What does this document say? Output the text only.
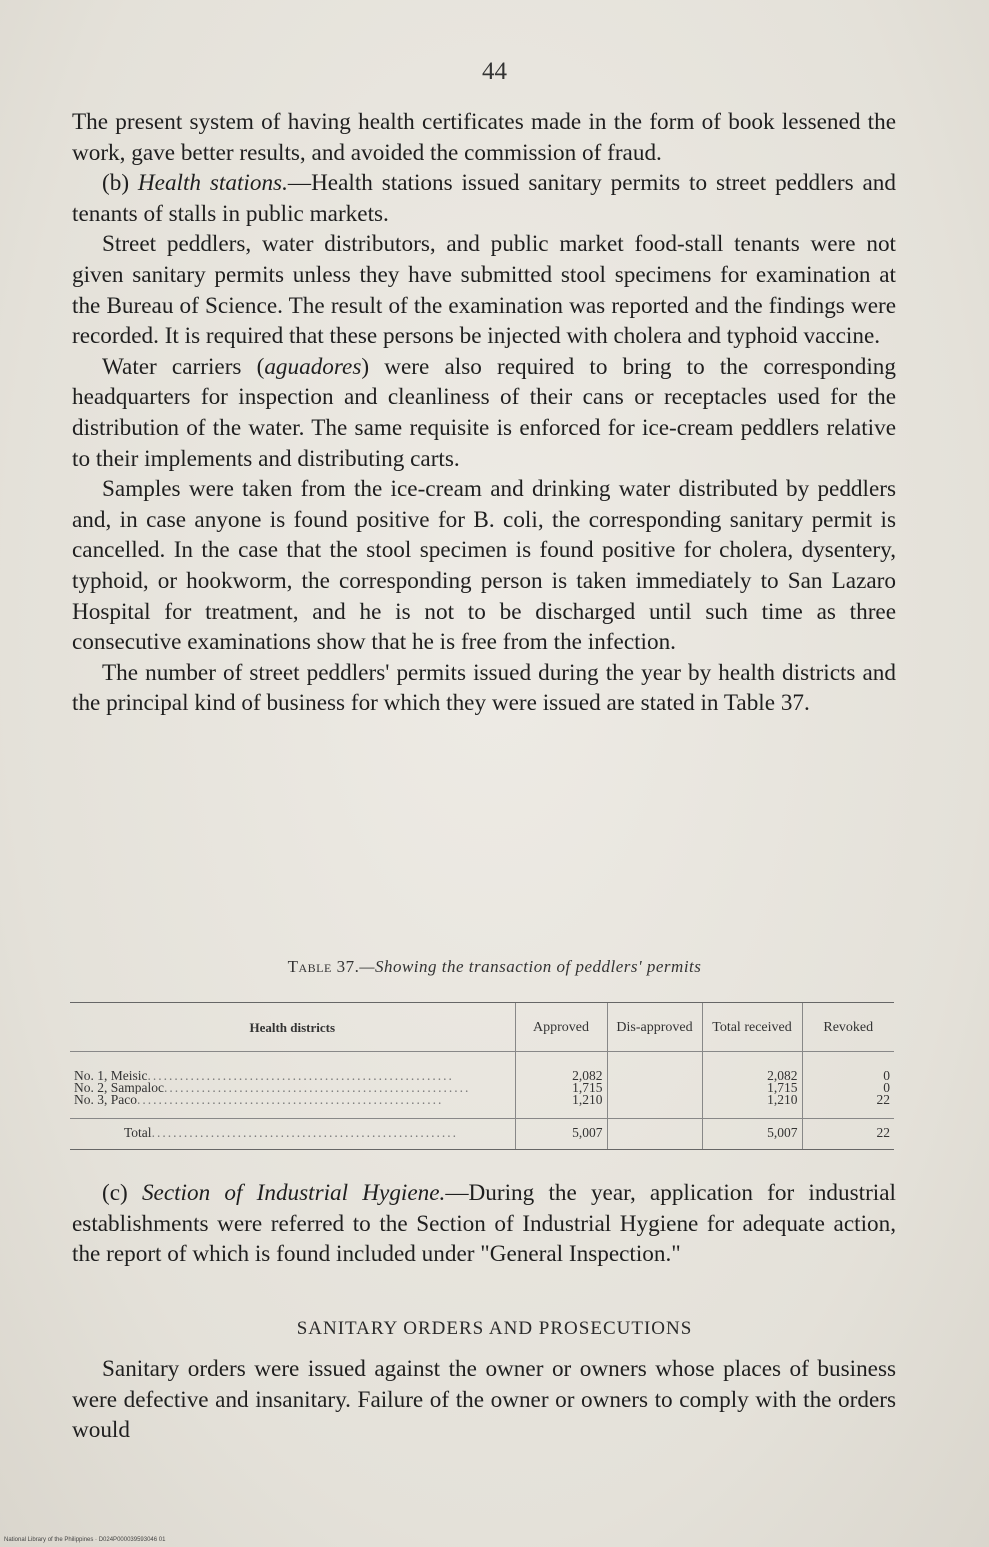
44

The present system of having health certificates made in the form of book lessened the work, gave better results, and avoided the commission of fraud.

(b) Health stations.—Health stations issued sanitary permits to street peddlers and tenants of stalls in public markets.

Street peddlers, water distributors, and public market food-stall tenants were not given sanitary permits unless they have submitted stool specimens for examination at the Bureau of Science. The result of the examination was reported and the findings were recorded. It is required that these persons be injected with cholera and typhoid vaccine.

Water carriers (aguadores) were also required to bring to the corresponding headquarters for inspection and cleanliness of their cans or receptacles used for the distribution of the water. The same requisite is enforced for ice-cream peddlers relative to their implements and distributing carts.

Samples were taken from the ice-cream and drinking water distributed by peddlers and, in case anyone is found positive for B. coli, the corresponding sanitary permit is cancelled. In the case that the stool specimen is found positive for cholera, dysentery, typhoid, or hookworm, the corresponding person is taken immediately to San Lazaro Hospital for treatment, and he is not to be discharged until such time as three consecutive examinations show that he is free from the infection.

The number of street peddlers' permits issued during the year by health districts and the principal kind of business for which they were issued are stated in Table 37.

Table 37.—Showing the transaction of peddlers' permits
Health districts	Approved	Dis-approved	Total received	Revoked
No. 1, Meisic.........................................................	2,082		2,082	0
No. 2, Sampaloc.........................................................	1,715		1,715	0
No. 3, Paco.........................................................	1,210		1,210	22
Total.........................................................	5,007		5,007	22

(c) Section of Industrial Hygiene.—During the year, application for industrial establishments were referred to the Section of Industrial Hygiene for adequate action, the report of which is found included under "General Inspection."

SANITARY ORDERS AND PROSECUTIONS

Sanitary orders were issued against the owner or owners whose places of business were defective and insanitary. Failure of the owner or owners to comply with the orders would

National Library of the Philippines · D024P000039593046 01
